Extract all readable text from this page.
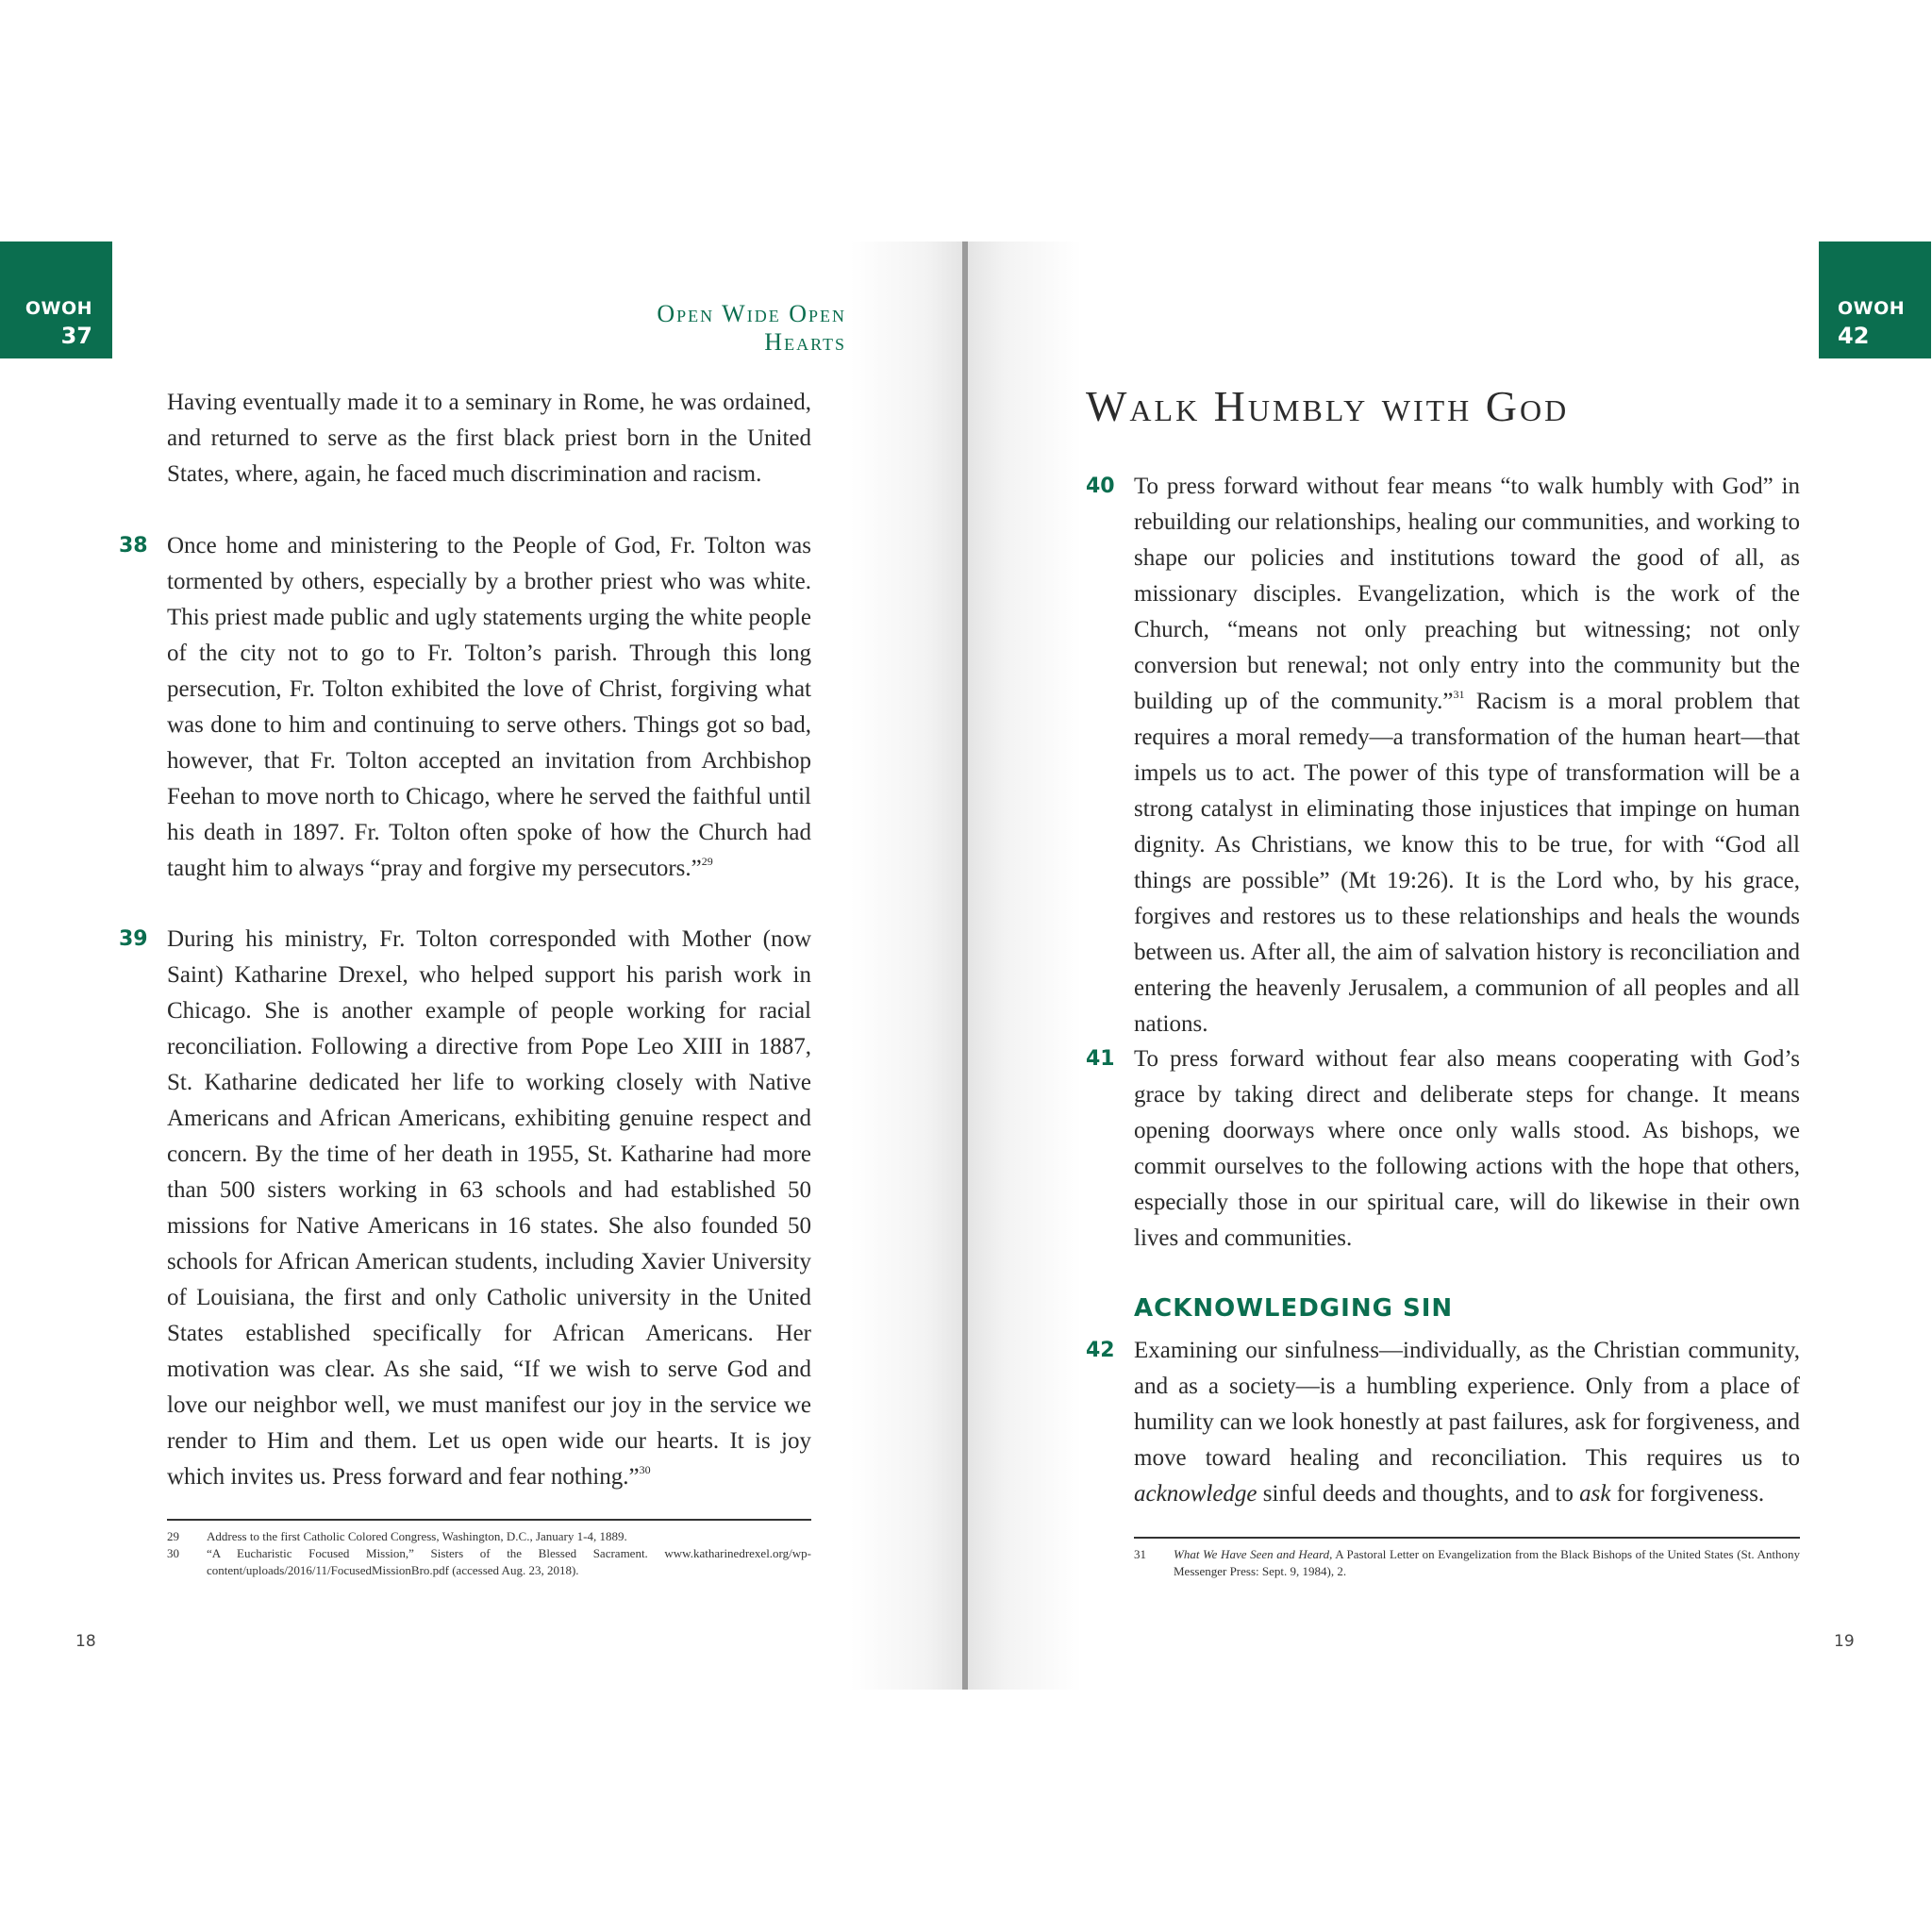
OWOH
37
Open Wide Open Hearts

Having eventually made it to a seminary in Rome, he was ordained, and returned to serve as the first black priest born in the United States, where, again, he faced much discrimination and racism.

38 Once home and ministering to the People of God, Fr. Tolton was tormented by others, especially by a brother priest who was white. This priest made public and ugly statements urging the white people of the city not to go to Fr. Tolton’s parish. Through this long persecution, Fr. Tolton exhibited the love of Christ, forgiving what was done to him and continuing to serve others. Things got so bad, however, that Fr. Tolton accepted an invitation from Archbishop Feehan to move north to Chicago, where he served the faithful until his death in 1897. Fr. Tolton often spoke of how the Church had taught him to always “pray and forgive my persecutors.”$^{29}$

39 During his ministry, Fr. Tolton corresponded with Mother (now Saint) Katharine Drexel, who helped support his parish work in Chicago. She is another example of people working for racial reconciliation. Following a directive from Pope Leo XIII in 1887, St. Katharine dedicated her life to working closely with Native Americans and African Americans, exhibiting genuine respect and concern. By the time of her death in 1955, St. Katharine had more than 500 sisters working in 63 schools and had established 50 missions for Native Americans in 16 states. She also founded 50 schools for African American students, including Xavier University of Louisiana, the first and only Catholic university in the United States established specifically for African Americans. Her motivation was clear. As she said, “If we wish to serve God and love our neighbor well, we must manifest our joy in the service we render to Him and them. Let us open wide our hearts. It is joy which invites us. Press forward and fear nothing.”$^{30}$

29 Address to the first Catholic Colored Congress, Washington, D.C., January 1-4, 1889.

30 “A Eucharistic Focused Mission,” Sisters of the Blessed Sacrament. www.katharinedrexel.org/wp-content/uploads/2016/11/FocusedMissionBro.pdf (accessed Aug. 23, 2018).

18
OWOH
42
Walk Humbly with God
40 To press forward without fear means “to walk humbly with God” in rebuilding our relationships, healing our communities, and working to shape our policies and institutions toward the good of all, as missionary disciples. Evangelization, which is the work of the Church, “means not only preaching but witnessing; not only conversion but renewal; not only entry into the community but the building up of the community.”$^{31}$ Racism is a moral problem that requires a moral remedy—a transformation of the human heart—that impels us to act. The power of this type of transformation will be a strong catalyst in eliminating those injustices that impinge on human dignity. As Christians, we know this to be true, for with “God all things are possible” (Mt 19:26). It is the Lord who, by his grace, forgives and restores us to these relationships and heals the wounds between us. After all, the aim of salvation history is reconciliation and entering the heavenly Jerusalem, a communion of all peoples and all nations.

41 To press forward without fear also means cooperating with God’s grace by taking direct and deliberate steps for change. It means opening doorways where once only walls stood. As bishops, we commit ourselves to the following actions with the hope that others, especially those in our spiritual care, will do likewise in their own lives and communities.

ACKNOWLEDGING SIN
42 Examining our sinfulness—individually, as the Christian community, and as a society—is a humbling experience. Only from a place of humility can we look honestly at past failures, ask for forgiveness, and move toward healing and reconciliation. This requires us to acknowledge sinful deeds and thoughts, and to ask for forgiveness.

31 What We Have Seen and Heard, A Pastoral Letter on Evangelization from the Black Bishops of the United States (St. Anthony Messenger Press: Sept. 9, 1984), 2.

19
